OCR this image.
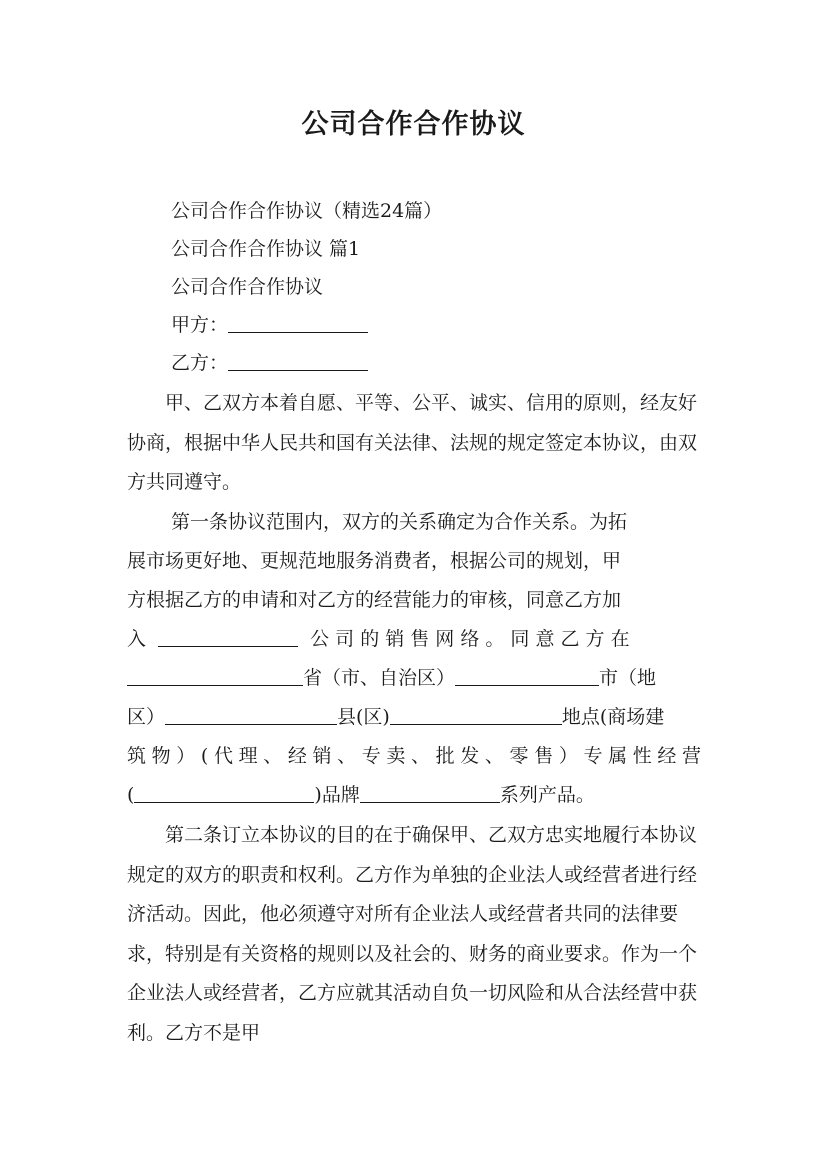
公司合作合作协议
公司合作合作协议（精选24篇）
公司合作合作协议 篇1
公司合作合作协议
甲方：
乙方：

甲、乙双方本着自愿、平等、公平、诚实、信用的原则，经友好协商，根据中华人民共和国有关法律、法规的规定签定本协议，由双方共同遵守。

第一条协议范围内，双方的关系确定为合作关系。为拓
展市场更好地、更规范地服务消费者，根据公司的规划，甲
方根据乙方的申请和对乙方的经营能力的审核，同意乙方加
入	公 司 的 销 售 网 络 。 同 意 乙 方 在
省（市、自治区）	市（地
区）	县(区)	地点(商场建
筑物）(代理、经销、专卖、批发、零售）专属性经营
(	)品牌	系列产品。

第二条订立本协议的目的在于确保甲、乙双方忠实地履行本协议规定的双方的职责和权利。乙方作为单独的企业法人或经营者进行经济活动。因此，他必须遵守对所有企业法人或经营者共同的法律要求，特别是有关资格的规则以及社会的、财务的商业要求。作为一个企业法人或经营者，乙方应就其活动自负一切风险和从合法经营中获利。乙方不是甲
